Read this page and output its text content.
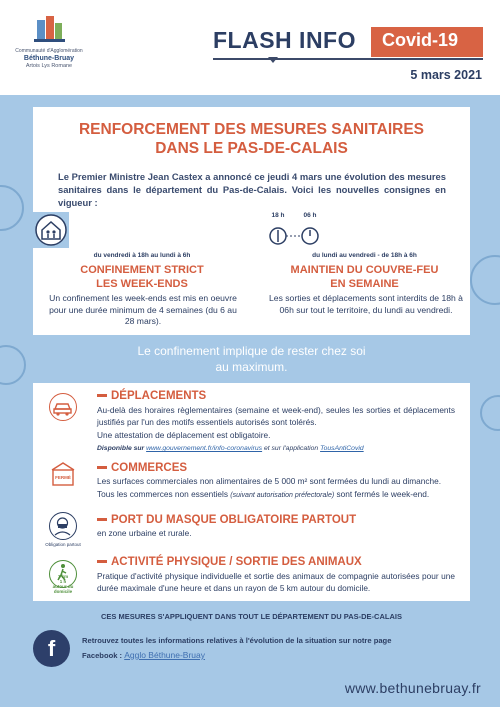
Communauté d'Agglomération
Béthune-Bruay
Artois Lys Romane
FLASH INFO	Covid-19
5 mars 2021
RENFORCEMENT DES MESURES SANITAIRES
DANS LE PAS-DE-CALAIS
Le Premier Ministre Jean Castex a annoncé ce jeudi 4 mars une évolution des mesures sanitaires dans le département du Pas-de-Calais. Voici les nouvelles consignes en vigueur :
18 h	06 h
du vendredi à 18h au lundi à 6h
CONFINEMENT STRICT
LES WEEK-ENDS
Un confinement les week-ends est mis en oeuvre pour une durée minimum de 4 semaines (du 6 au 28 mars).
du lundi au vendredi - de 18h à 6h
MAINTIEN DU COUVRE-FEU
EN SEMAINE
Les sorties et déplacements sont interdits de 18h à 06h sur tout le territoire, du lundi au vendredi.
Le confinement implique de rester chez soi
au maximum.
DÉPLACEMENTS
Au-delà des horaires règlementaires (semaine et week-end), seules les sorties et déplacements justifiés par l'un des motifs essentiels autorisés sont tolérés.
Une attestation de déplacement est obligatoire.
Disponible sur www.gouvernement.fr/info-coronavirus et sur l'application TousAntiCovid
FERMÉ
COMMERCES
Les surfaces commerciales non alimentaires de 5 000 m² sont fermées du lundi au dimanche.
Tous les commerces non essentiels (suivant autorisation préfectorale) sont fermés le week-end.
Obligation partout
PORT DU MASQUE OBLIGATOIRE PARTOUT
en zone urbaine et rurale.
1 km
1 h
autour du domicile
ACTIVITÉ PHYSIQUE / SORTIE DES ANIMAUX
Pratique d'activité physique individuelle et sortie des animaux de compagnie autorisées pour une durée maximale d'une heure et dans un rayon de 5 km autour du domicile.
CES MESURES S'APPLIQUENT DANS TOUT LE DÉPARTEMENT DU PAS-DE-CALAIS
f	Retrouvez toutes les informations relatives à l'évolution de la situation sur notre page
Facebook : Agglo Béthune-Bruay
www.bethunebruay.fr
